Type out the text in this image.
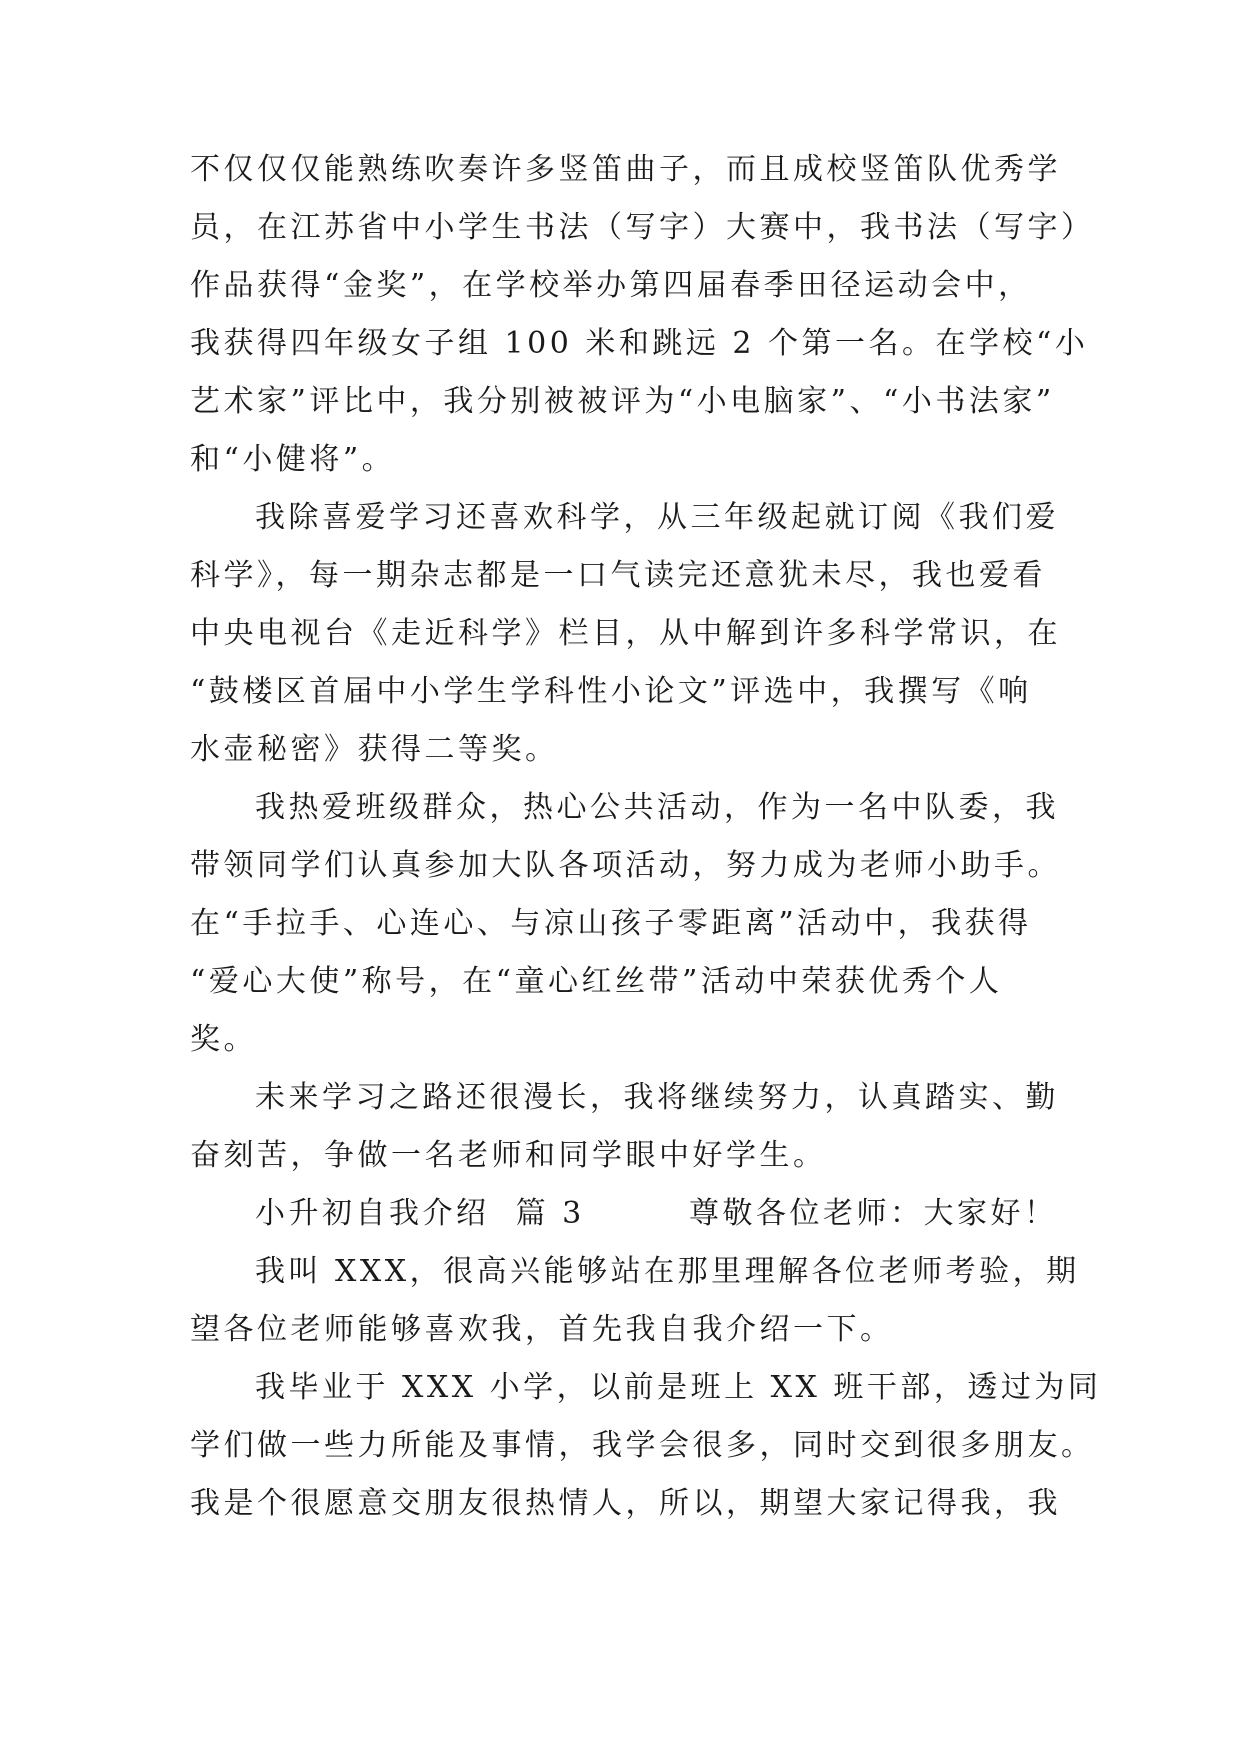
不仅仅仅能熟练吹奏许多竖笛曲子，而且成校竖笛队优秀学
员，在江苏省中小学生书法（写字）大赛中，我书法（写字）
作品获得“金奖”，在学校举办第四届春季田径运动会中，
我获得四年级女子组 100 米和跳远 2 个第一名。在学校“小
艺术家”评比中，我分别被被评为“小电脑家”、“小书法家”
和“小健将”。
我除喜爱学习还喜欢科学，从三年级起就订阅《我们爱
科学》，每一期杂志都是一口气读完还意犹未尽，我也爱看
中央电视台《走近科学》栏目，从中解到许多科学常识，在
“鼓楼区首届中小学生学科性小论文”评选中，我撰写《响
水壶秘密》获得二等奖。
我热爱班级群众，热心公共活动，作为一名中队委，我
带领同学们认真参加大队各项活动，努力成为老师小助手。
在“手拉手、心连心、与凉山孩子零距离”活动中，我获得
“爱心大使”称号，在“童心红丝带”活动中荣获优秀个人
奖。
未来学习之路还很漫长，我将继续努力，认真踏实、勤
奋刻苦，争做一名老师和同学眼中好学生。
小升初自我介绍  篇 3        尊敬各位老师：大家好！
我叫 XXX，很高兴能够站在那里理解各位老师考验，期
望各位老师能够喜欢我，首先我自我介绍一下。
我毕业于 XXX 小学，以前是班上 XX 班干部，透过为同
学们做一些力所能及事情，我学会很多，同时交到很多朋友。
我是个很愿意交朋友很热情人，所以，期望大家记得我，我
